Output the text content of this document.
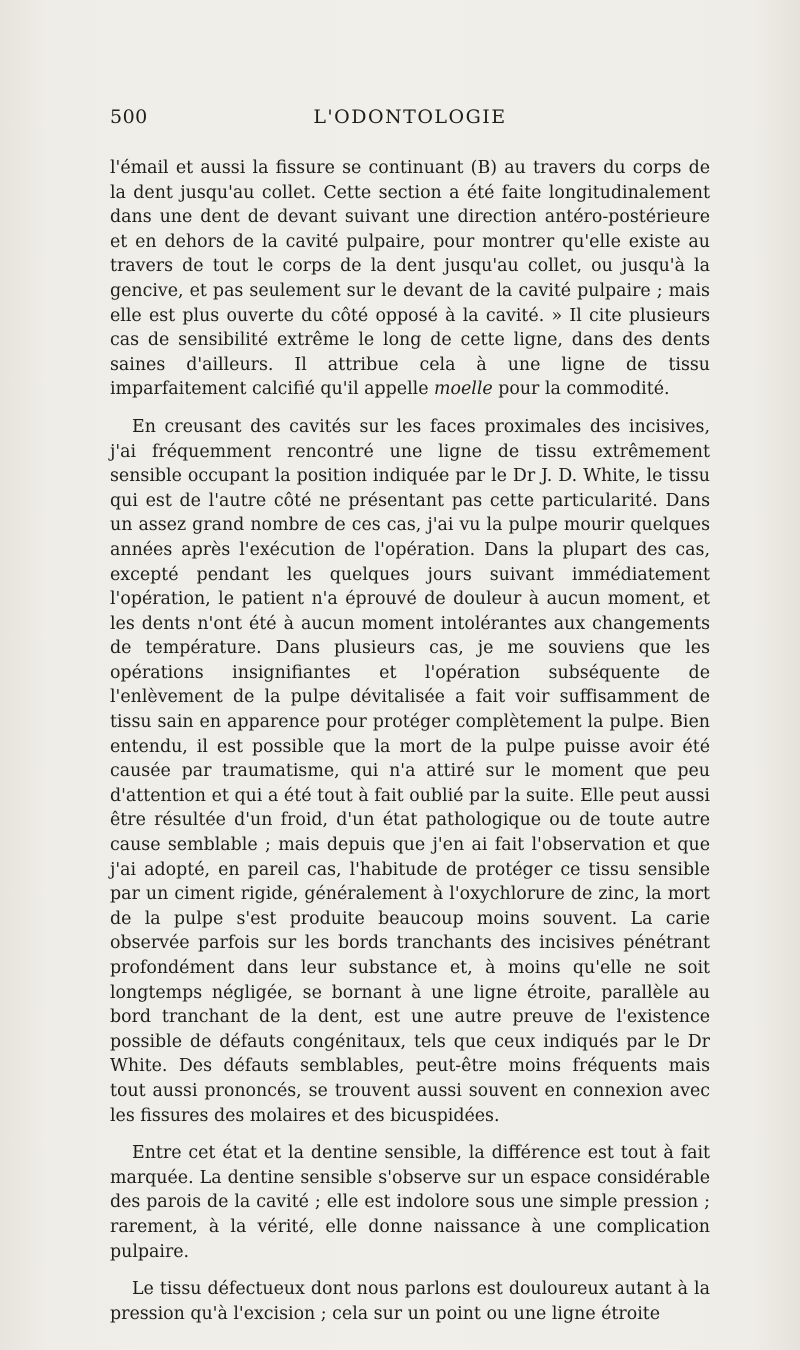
500	L'ODONTOLOGIE

l'émail et aussi la fissure se continuant (B) au travers du corps de la dent jusqu'au collet. Cette section a été faite longitudinalement dans une dent de devant suivant une direction antéro-postérieure et en dehors de la cavité pulpaire, pour montrer qu'elle existe au travers de tout le corps de la dent jusqu'au collet, ou jusqu'à la gencive, et pas seulement sur le devant de la cavité pulpaire ; mais elle est plus ouverte du côté opposé à la cavité. » Il cite plusieurs cas de sensibilité extrême le long de cette ligne, dans des dents saines d'ailleurs. Il attribue cela à une ligne de tissu imparfaitement calcifié qu'il appelle moelle pour la commodité.

En creusant des cavités sur les faces proximales des incisives, j'ai fréquemment rencontré une ligne de tissu extrêmement sensible occupant la position indiquée par le Dr J. D. White, le tissu qui est de l'autre côté ne présentant pas cette particularité. Dans un assez grand nombre de ces cas, j'ai vu la pulpe mourir quelques années après l'exécution de l'opération. Dans la plupart des cas, excepté pendant les quelques jours suivant immédiatement l'opération, le patient n'a éprouvé de douleur à aucun moment, et les dents n'ont été à aucun moment intolérantes aux changements de température. Dans plusieurs cas, je me souviens que les opérations insignifiantes et l'opération subséquente de l'enlèvement de la pulpe dévitalisée a fait voir suffisamment de tissu sain en apparence pour protéger complètement la pulpe. Bien entendu, il est possible que la mort de la pulpe puisse avoir été causée par traumatisme, qui n'a attiré sur le moment que peu d'attention et qui a été tout à fait oublié par la suite. Elle peut aussi être résultée d'un froid, d'un état pathologique ou de toute autre cause semblable ; mais depuis que j'en ai fait l'observation et que j'ai adopté, en pareil cas, l'habitude de protéger ce tissu sensible par un ciment rigide, généralement à l'oxychlorure de zinc, la mort de la pulpe s'est produite beaucoup moins souvent. La carie observée parfois sur les bords tranchants des incisives pénétrant profondément dans leur substance et, à moins qu'elle ne soit longtemps négligée, se bornant à une ligne étroite, parallèle au bord tranchant de la dent, est une autre preuve de l'existence possible de défauts congénitaux, tels que ceux indiqués par le Dr White. Des défauts semblables, peut-être moins fréquents mais tout aussi prononcés, se trouvent aussi souvent en connexion avec les fissures des molaires et des bicuspidées.

Entre cet état et la dentine sensible, la différence est tout à fait marquée. La dentine sensible s'observe sur un espace considérable des parois de la cavité ; elle est indolore sous une simple pression ; rarement, à la vérité, elle donne naissance à une complication pulpaire.

Le tissu défectueux dont nous parlons est douloureux autant à la pression qu'à l'excision ; cela sur un point ou une ligne étroite
